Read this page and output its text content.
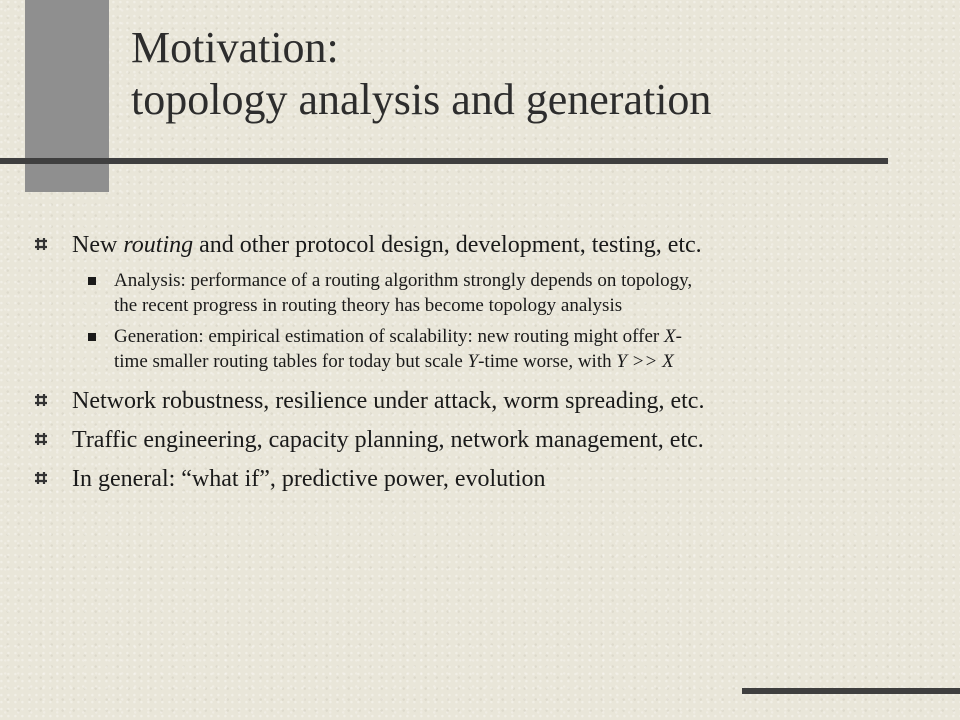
Motivation:
topology analysis and generation
New routing and other protocol design, development, testing, etc.
Analysis: performance of a routing algorithm strongly depends on topology,
the recent progress in routing theory has become topology analysis
Generation: empirical estimation of scalability: new routing might offer X-
time smaller routing tables for today but scale Y-time worse, with Y >> X
Network robustness, resilience under attack, worm spreading, etc.
Traffic engineering, capacity planning, network management, etc.
In general: “what if”, predictive power, evolution
